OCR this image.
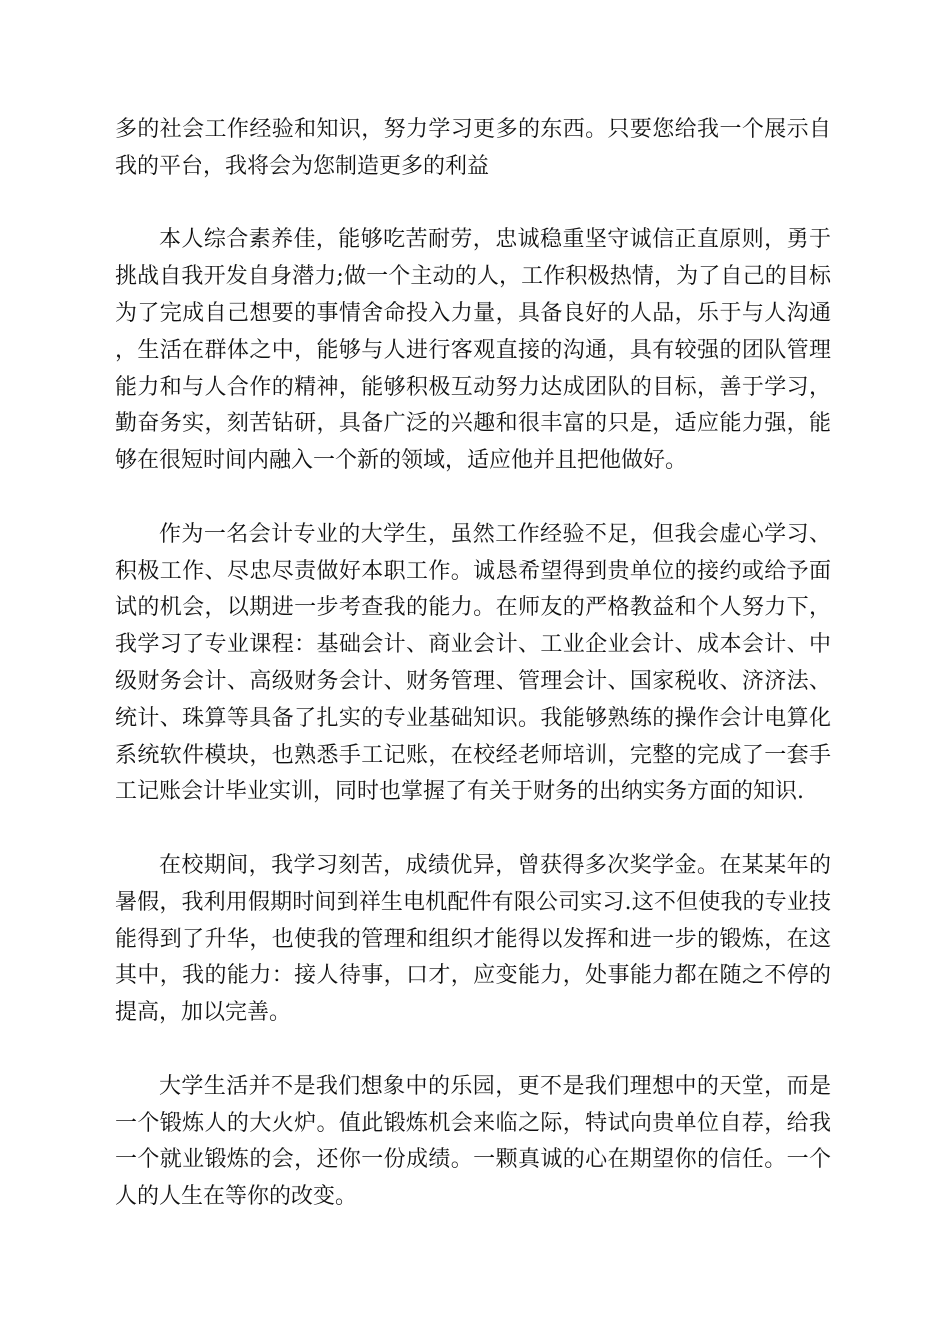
多的社会工作经验和知识，努力学习更多的东西。只要您给我一个展示自我的平台，我将会为您制造更多的利益

本人综合素养佳，能够吃苦耐劳，忠诚稳重坚守诚信正直原则，勇于挑战自我开发自身潜力;做一个主动的人，工作积极热情，为了自己的目标为了完成自己想要的事情舍命投入力量，具备良好的人品，乐于与人沟通，生活在群体之中，能够与人进行客观直接的沟通，具有较强的团队管理能力和与人合作的精神，能够积极互动努力达成团队的目标，善于学习，勤奋务实，刻苦钻研，具备广泛的兴趣和很丰富的只是，适应能力强，能够在很短时间内融入一个新的领域，适应他并且把他做好。

作为一名会计专业的大学生，虽然工作经验不足，但我会虚心学习、积极工作、尽忠尽责做好本职工作。诚恳希望得到贵单位的接约或给予面试的机会，以期进一步考查我的能力。在师友的严格教益和个人努力下，我学习了专业课程：基础会计、商业会计、工业企业会计、成本会计、中级财务会计、高级财务会计、财务管理、管理会计、国家税收、济济法、统计、珠算等具备了扎实的专业基础知识。我能够熟练的操作会计电算化系统软件模块，也熟悉手工记账，在校经老师培训，完整的完成了一套手工记账会计毕业实训，同时也掌握了有关于财务的出纳实务方面的知识.

在校期间，我学习刻苦，成绩优异，曾获得多次奖学金。在某某年的暑假，我利用假期时间到祥生电机配件有限公司实习.这不但使我的专业技能得到了升华，也使我的管理和组织才能得以发挥和进一步的锻炼，在这其中，我的能力：接人待事，口才，应变能力，处事能力都在随之不停的提高，加以完善。

大学生活并不是我们想象中的乐园，更不是我们理想中的天堂，而是一个锻炼人的大火炉。值此锻炼机会来临之际，特试向贵单位自荐，给我一个就业锻炼的会，还你一份成绩。一颗真诚的心在期望你的信任。一个人的人生在等你的改变。
